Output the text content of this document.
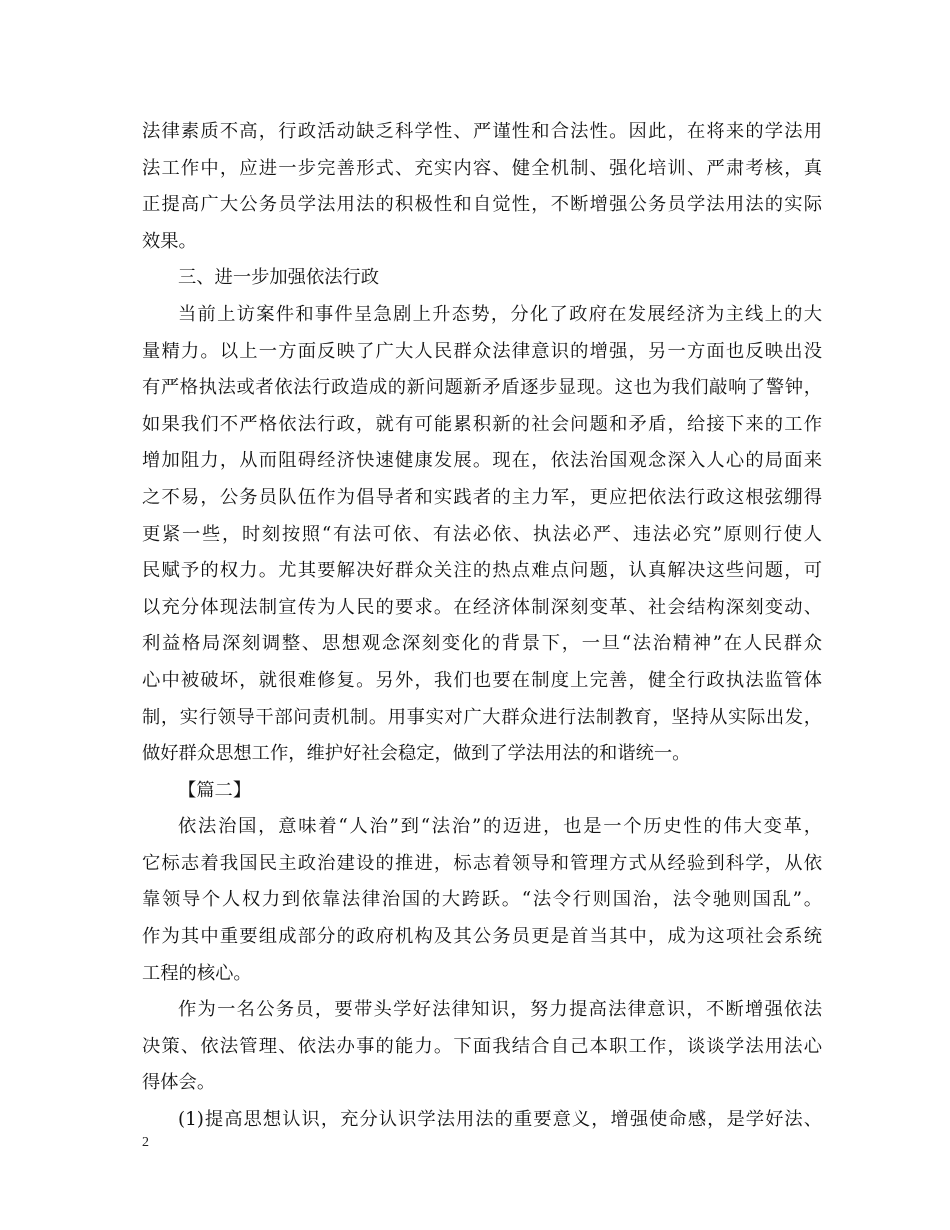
法律素质不高，行政活动缺乏科学性、严谨性和合法性。因此，在将来的学法用
法工作中，应进一步完善形式、充实内容、健全机制、强化培训、严肃考核，真
正提高广大公务员学法用法的积极性和自觉性，不断增强公务员学法用法的实际
效果。
三、进一步加强依法行政
当前上访案件和事件呈急剧上升态势，分化了政府在发展经济为主线上的大
量精力。以上一方面反映了广大人民群众法律意识的增强，另一方面也反映出没
有严格执法或者依法行政造成的新问题新矛盾逐步显现。这也为我们敲响了警钟，
如果我们不严格依法行政，就有可能累积新的社会问题和矛盾，给接下来的工作
增加阻力，从而阻碍经济快速健康发展。现在，依法治国观念深入人心的局面来
之不易，公务员队伍作为倡导者和实践者的主力军，更应把依法行政这根弦绷得
更紧一些，时刻按照“有法可依、有法必依、执法必严、违法必究”原则行使人
民赋予的权力。尤其要解决好群众关注的热点难点问题，认真解决这些问题，可
以充分体现法制宣传为人民的要求。在经济体制深刻变革、社会结构深刻变动、
利益格局深刻调整、思想观念深刻变化的背景下，一旦“法治精神”在人民群众
心中被破坏，就很难修复。另外，我们也要在制度上完善，健全行政执法监管体
制，实行领导干部问责机制。用事实对广大群众进行法制教育，坚持从实际出发，
做好群众思想工作，维护好社会稳定，做到了学法用法的和谐统一。
【篇二】
依法治国，意味着“人治”到“法治”的迈进，也是一个历史性的伟大变革，
它标志着我国民主政治建设的推进，标志着领导和管理方式从经验到科学，从依
靠领导个人权力到依靠法律治国的大跨跃。“法令行则国治，法令驰则国乱”。
作为其中重要组成部分的政府机构及其公务员更是首当其中，成为这项社会系统
工程的核心。
作为一名公务员，要带头学好法律知识，努力提高法律意识，不断增强依法
决策、依法管理、依法办事的能力。下面我结合自己本职工作，谈谈学法用法心
得体会。
(1)提高思想认识，充分认识学法用法的重要意义，增强使命感，是学好法、
2
